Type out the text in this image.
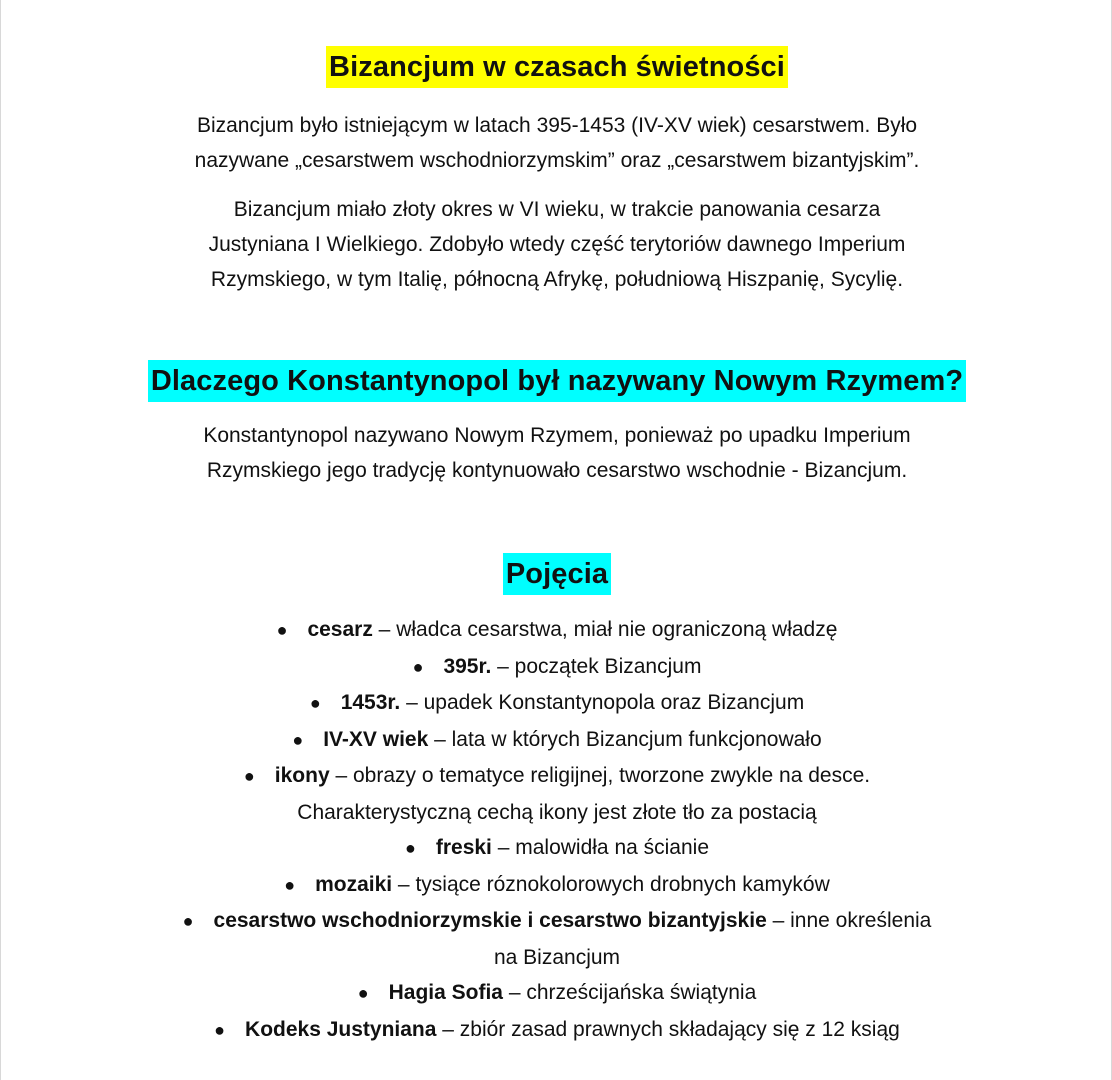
Bizancjum w czasach świetności

Bizancjum było istniejącym w latach 395-1453 (IV-XV wiek) cesarstwem. Było

nazywane „cesarstwem wschodniorzymskim” oraz „cesarstwem bizantyjskim”.

Bizancjum miało złoty okres w VI wieku, w trakcie panowania cesarza

Justyniana I Wielkiego. Zdobyło wtedy część terytoriów dawnego Imperium

Rzymskiego, w tym Italię, północną Afrykę, południową Hiszpanię, Sycylię.

Dlaczego Konstantynopol był nazywany Nowym Rzymem?

Konstantynopol nazywano Nowym Rzymem, ponieważ po upadku Imperium

Rzymskiego jego tradycję kontynuowało cesarstwo wschodnie - Bizancjum.

Pojęcia
● cesarz – władca cesarstwa, miał nie ograniczoną władzę
● 395r. – początek Bizancjum
● 1453r. – upadek Konstantynopola oraz Bizancjum
● IV-XV wiek – lata w których Bizancjum funkcjonowało
● ikony – obrazy o tematyce religijnej, tworzone zwykle na desce.
Charakterystyczną cechą ikony jest złote tło za postacią
● freski – malowidła na ścianie
● mozaiki – tysiące róznokolorowych drobnych kamyków
● cesarstwo wschodniorzymskie i cesarstwo bizantyjskie – inne określenia
na Bizancjum
● Hagia Sofia – chrześcijańska świątynia
● Kodeks Justyniana – zbiór zasad prawnych składający się z 12 ksiąg
